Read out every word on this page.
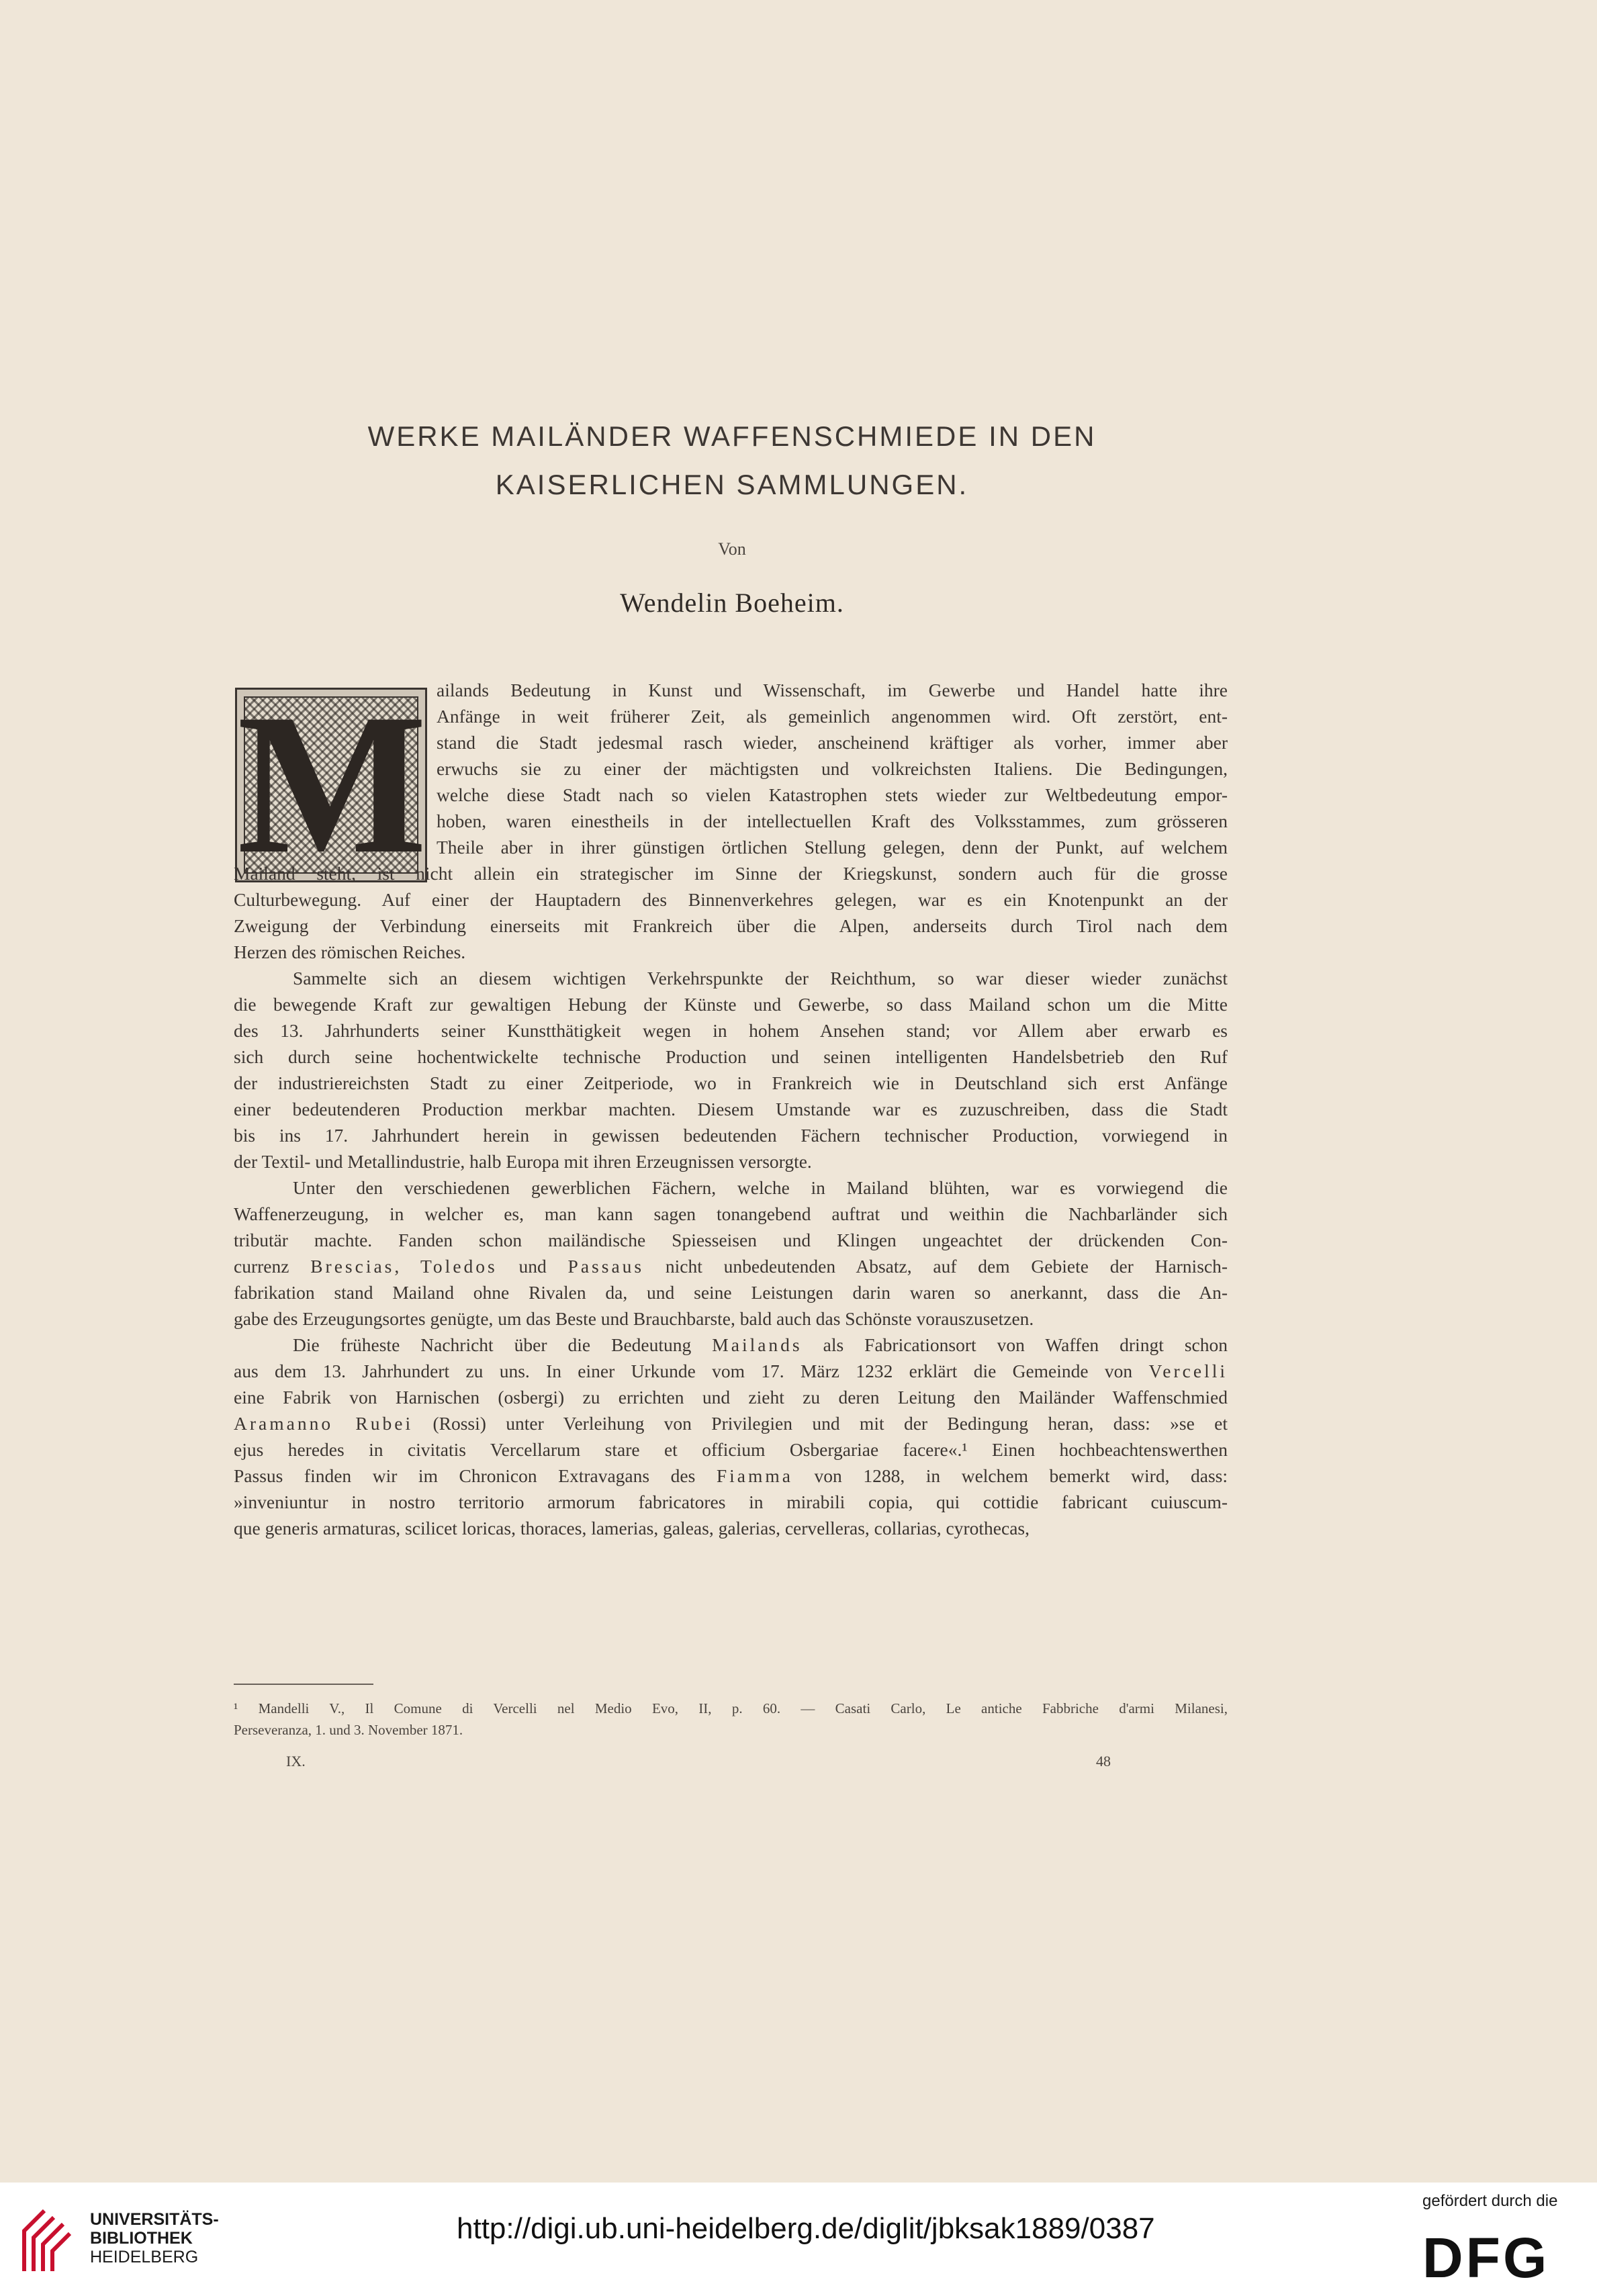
WERKE MAILÄNDER WAFFENSCHMIEDE IN DEN
KAISERLICHEN SAMMLUNGEN.
Von
Wendelin Boeheim.
M ailands Bedeutung in Kunst und Wissenschaft, im Gewerbe und Handel hatte ihre
Anfänge in weit früherer Zeit, als gemeinlich angenommen wird. Oft zerstört, ent-
stand die Stadt jedesmal rasch wieder, anscheinend kräftiger als vorher, immer aber
erwuchs sie zu einer der mächtigsten und volkreichsten Italiens. Die Bedingungen,
welche diese Stadt nach so vielen Katastrophen stets wieder zur Weltbedeutung empor-
hoben, waren einestheils in der intellectuellen Kraft des Volksstammes, zum grösseren
Theile aber in ihrer günstigen örtlichen Stellung gelegen, denn der Punkt, auf welchem
Mailand steht, ist nicht allein ein strategischer im Sinne der Kriegskunst, sondern auch für die grosse
Culturbewegung. Auf einer der Hauptadern des Binnenverkehres gelegen, war es ein Knotenpunkt an der
Zweigung der Verbindung einerseits mit Frankreich über die Alpen, anderseits durch Tirol nach dem
Herzen des römischen Reiches.
Sammelte sich an diesem wichtigen Verkehrspunkte der Reichthum, so war dieser wieder zunächst
die bewegende Kraft zur gewaltigen Hebung der Künste und Gewerbe, so dass Mailand schon um die Mitte
des 13. Jahrhunderts seiner Kunstthätigkeit wegen in hohem Ansehen stand; vor Allem aber erwarb es
sich durch seine hochentwickelte technische Production und seinen intelligenten Handelsbetrieb den Ruf
der industriereichsten Stadt zu einer Zeitperiode, wo in Frankreich wie in Deutschland sich erst Anfänge
einer bedeutenderen Production merkbar machten. Diesem Umstande war es zuzuschreiben, dass die Stadt
bis ins 17. Jahrhundert herein in gewissen bedeutenden Fächern technischer Production, vorwiegend in
der Textil- und Metallindustrie, halb Europa mit ihren Erzeugnissen versorgte.
Unter den verschiedenen gewerblichen Fächern, welche in Mailand blühten, war es vorwiegend die
Waffenerzeugung, in welcher es, man kann sagen tonangebend auftrat und weithin die Nachbarländer sich
tributär machte. Fanden schon mailändische Spiesseisen und Klingen ungeachtet der drückenden Con-
currenz Brescias, Toledos und Passaus nicht unbedeutenden Absatz, auf dem Gebiete der Harnisch-
fabrikation stand Mailand ohne Rivalen da, und seine Leistungen darin waren so anerkannt, dass die An-
gabe des Erzeugungsortes genügte, um das Beste und Brauchbarste, bald auch das Schönste vorauszusetzen.
Die früheste Nachricht über die Bedeutung Mailands als Fabricationsort von Waffen dringt schon
aus dem 13. Jahrhundert zu uns. In einer Urkunde vom 17. März 1232 erklärt die Gemeinde von Vercelli
eine Fabrik von Harnischen (osbergi) zu errichten und zieht zu deren Leitung den Mailänder Waffenschmied
Aramanno Rubei (Rossi) unter Verleihung von Privilegien und mit der Bedingung heran, dass: »se et
ejus heredes in civitatis Vercellarum stare et officium Osbergariae facere«.¹ Einen hochbeachtenswerthen
Passus finden wir im Chronicon Extravagans des Fiamma von 1288, in welchem bemerkt wird, dass:
»inveniuntur in nostro territorio armorum fabricatores in mirabili copia, qui cottidie fabricant cuiuscum-
que generis armaturas, scilicet loricas, thoraces, lamerias, galeas, galerias, cervelleras, collarias, cyrothecas,
¹ Mandelli V., Il Comune di Vercelli nel Medio Evo, II, p. 60. — Casati Carlo, Le antiche Fabbriche d'armi Milanesi,
Perseveranza, 1. und 3. November 1871.
IX.	48
UNIVERSITÄTS-
BIBLIOTHEK
HEIDELBERG
http://digi.ub.uni-heidelberg.de/diglit/jbksak1889/0387
gefördert durch die
DFG
